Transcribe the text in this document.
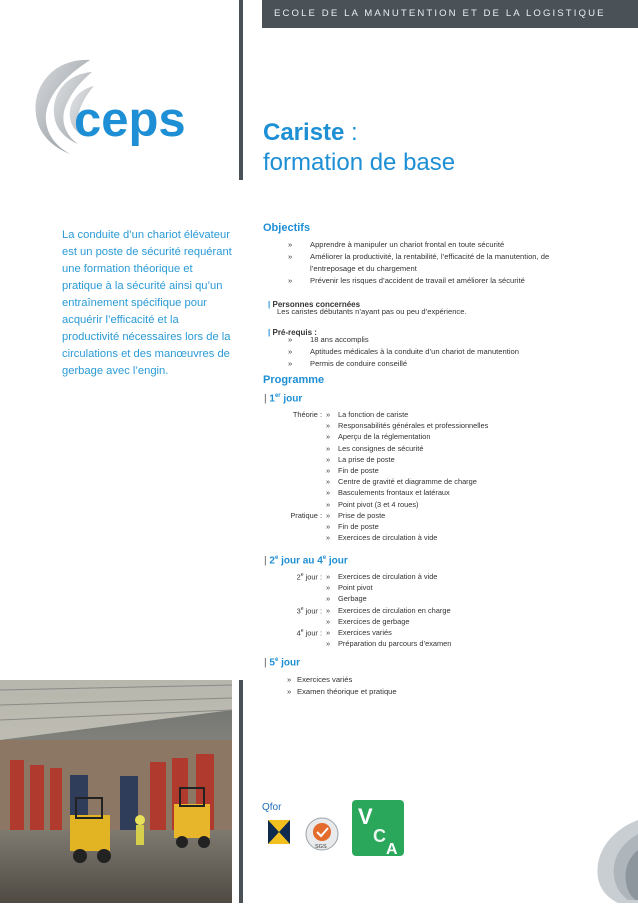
ECOLE DE LA MANUTENTION ET DE LA LOGISTIQUE
ceps
La conduite d’un chariot élévateur est un poste de sécurité requérant une formation théorique et pratique à la sécurité ainsi qu’un entraînement spécifique pour acquérir l’efficacité et la productivité nécessaires lors de la circulations et des manœuvres de gerbage avec l’engin.
Cariste :
formation de base
Objectifs
» Apprendre à manipuler un chariot frontal en toute sécurité
» Améliorer la productivité, la rentabilité, l’efficacité de la manutention, de l’entreposage et du chargement
» Prévenir les risques d’accident de travail et améliorer la sécurité
| Personnes concernées
Les caristes débutants n’ayant pas ou peu d’expérience.
| Pré-requis :
» 18 ans accomplis
» Aptitudes médicales à la conduite d’un chariot de manutention
» Permis de conduire conseillé
Programme
| 1er jour
Théorie : » La fonction de cariste
» Responsabilités générales et professionnelles
» Aperçu de la réglementation
» Les consignes de sécurité
» La prise de poste
» Fin de poste
» Centre de gravité et diagramme de charge
» Basculements frontaux et latéraux
» Point pivot (3 et 4 roues)
Pratique : » Prise de poste
» Fin de poste
» Exercices de circulation à vide
| 2e jour au 4e jour
2e jour : » Exercices de circulation à vide
» Point pivot
» Gerbage
3e jour : » Exercices de circulation en charge
» Exercices de gerbage
4e jour : » Exercices variés
» Préparation du parcours d’examen
| 5e jour
» Exercices variés
» Examen théorique et pratique
Qfor
SGS
V
C
A
